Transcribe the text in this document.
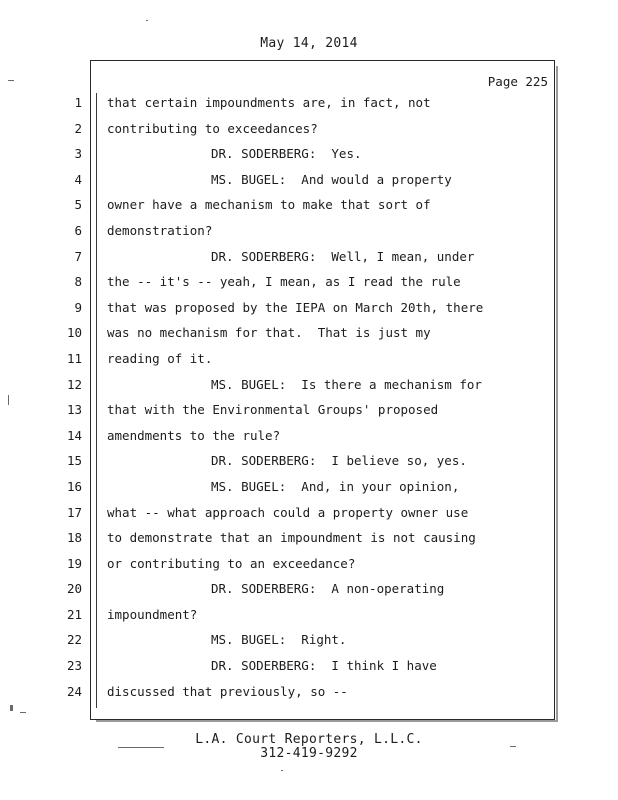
May 14, 2014
Page 225
1
2
3
4
5
6
7
8
9
10
11
12
13
14
15
16
17
18
19
20
21
22
23
24
that certain impoundments are, in fact, not
contributing to exceedances?
DR. SODERBERG:  Yes.
MS. BUGEL:  And would a property
owner have a mechanism to make that sort of
demonstration?
DR. SODERBERG:  Well, I mean, under
the -- it's -- yeah, I mean, as I read the rule
that was proposed by the IEPA on March 20th, there
was no mechanism for that.  That is just my
reading of it.
MS. BUGEL:  Is there a mechanism for
that with the Environmental Groups' proposed
amendments to the rule?
DR. SODERBERG:  I believe so, yes.
MS. BUGEL:  And, in your opinion,
what -- what approach could a property owner use
to demonstrate that an impoundment is not causing
or contributing to an exceedance?
DR. SODERBERG:  A non-operating
impoundment?
MS. BUGEL:  Right.
DR. SODERBERG:  I think I have
discussed that previously, so --
L.A. Court Reporters, L.L.C.
312-419-9292
